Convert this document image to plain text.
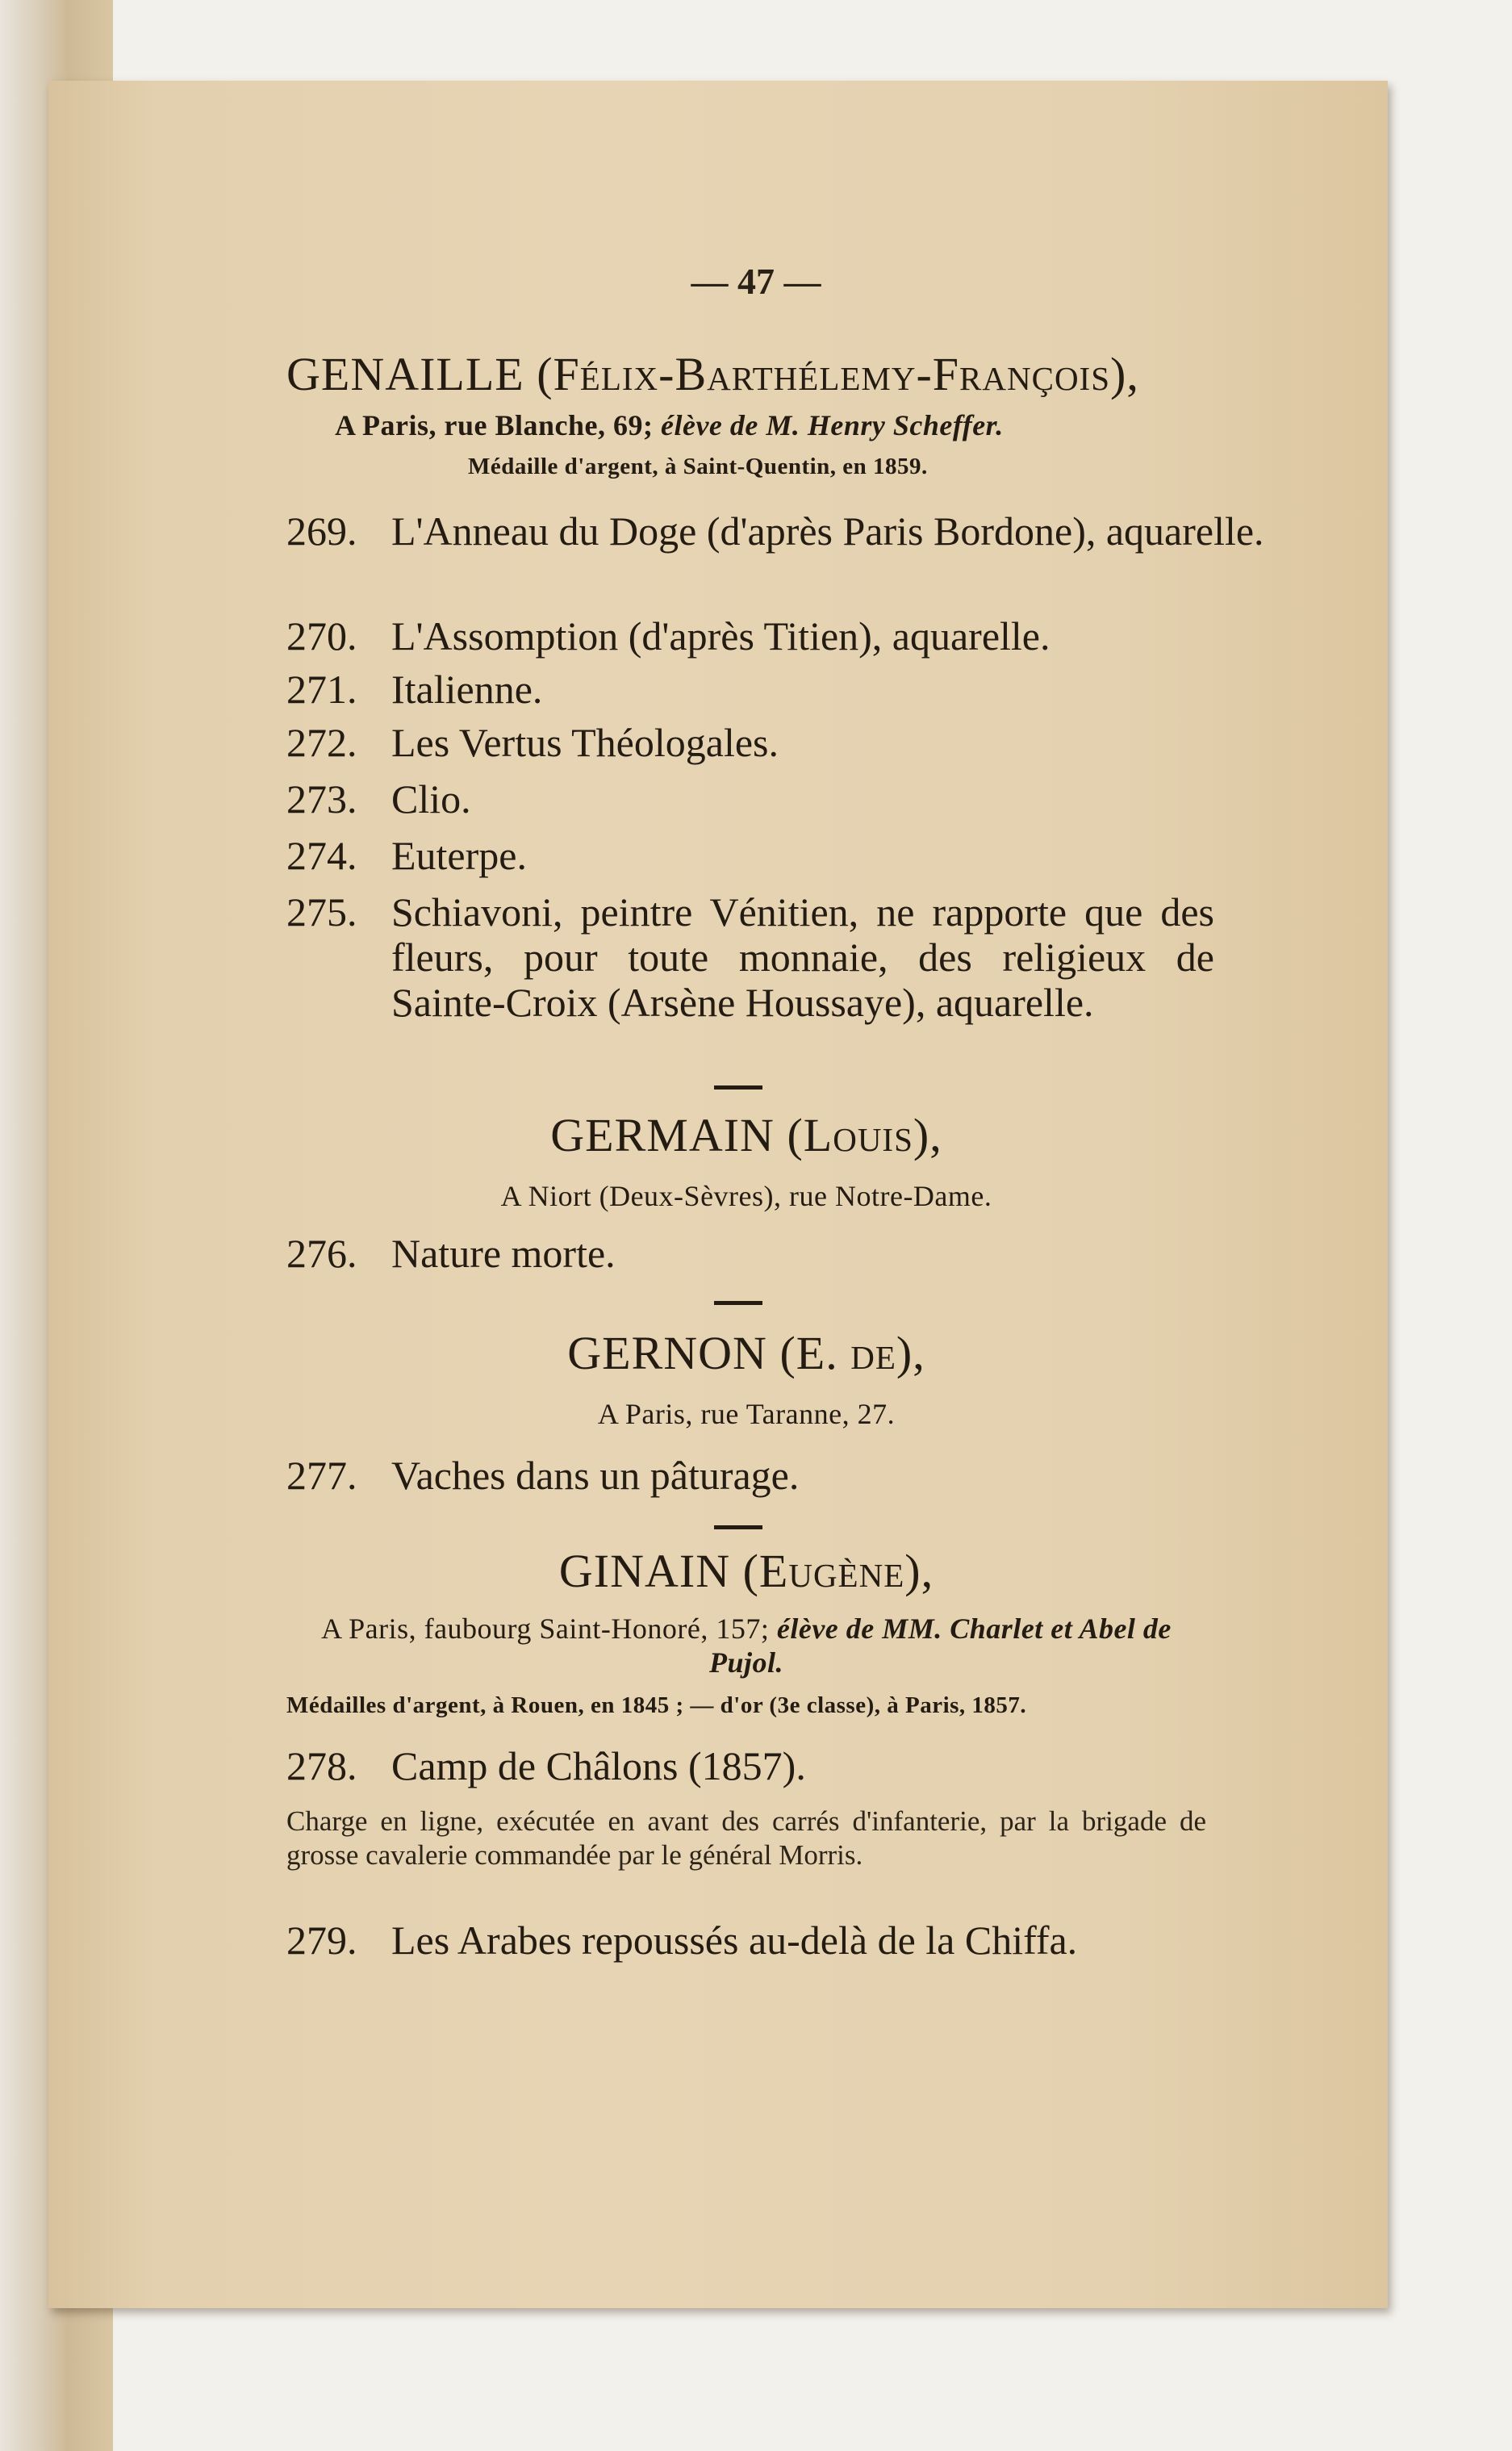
— 47 —
GENAILLE (Félix-Barthélemy-François),
A Paris, rue Blanche, 69; élève de M. Henry Scheffer.
Médaille d'argent, à Saint-Quentin, en 1859.
269. L'Anneau du Doge (d'après Paris Bordone), aquarelle.
270. L'Assomption (d'après Titien), aquarelle.
271. Italienne.
272. Les Vertus Théologales.
273. Clio.
274. Euterpe.
275. Schiavoni, peintre Vénitien, ne rapporte que des fleurs, pour toute monnaie, des religieux de Sainte-Croix (Arsène Houssaye), aquarelle.
GERMAIN (Louis),
A Niort (Deux-Sèvres), rue Notre-Dame.
276. Nature morte.
GERNON (E. de),
A Paris, rue Taranne, 27.
277. Vaches dans un pâturage.
GINAIN (Eugène),
A Paris, faubourg Saint-Honoré, 157; élève de MM. Charlet et Abel de Pujol.
Médailles d'argent, à Rouen, en 1845 ; — d'or (3e classe), à Paris, 1857.
278. Camp de Châlons (1857).
Charge en ligne, exécutée en avant des carrés d'infanterie, par la brigade de grosse cavalerie commandée par le général Morris.
279. Les Arabes repoussés au-delà de la Chiffa.
